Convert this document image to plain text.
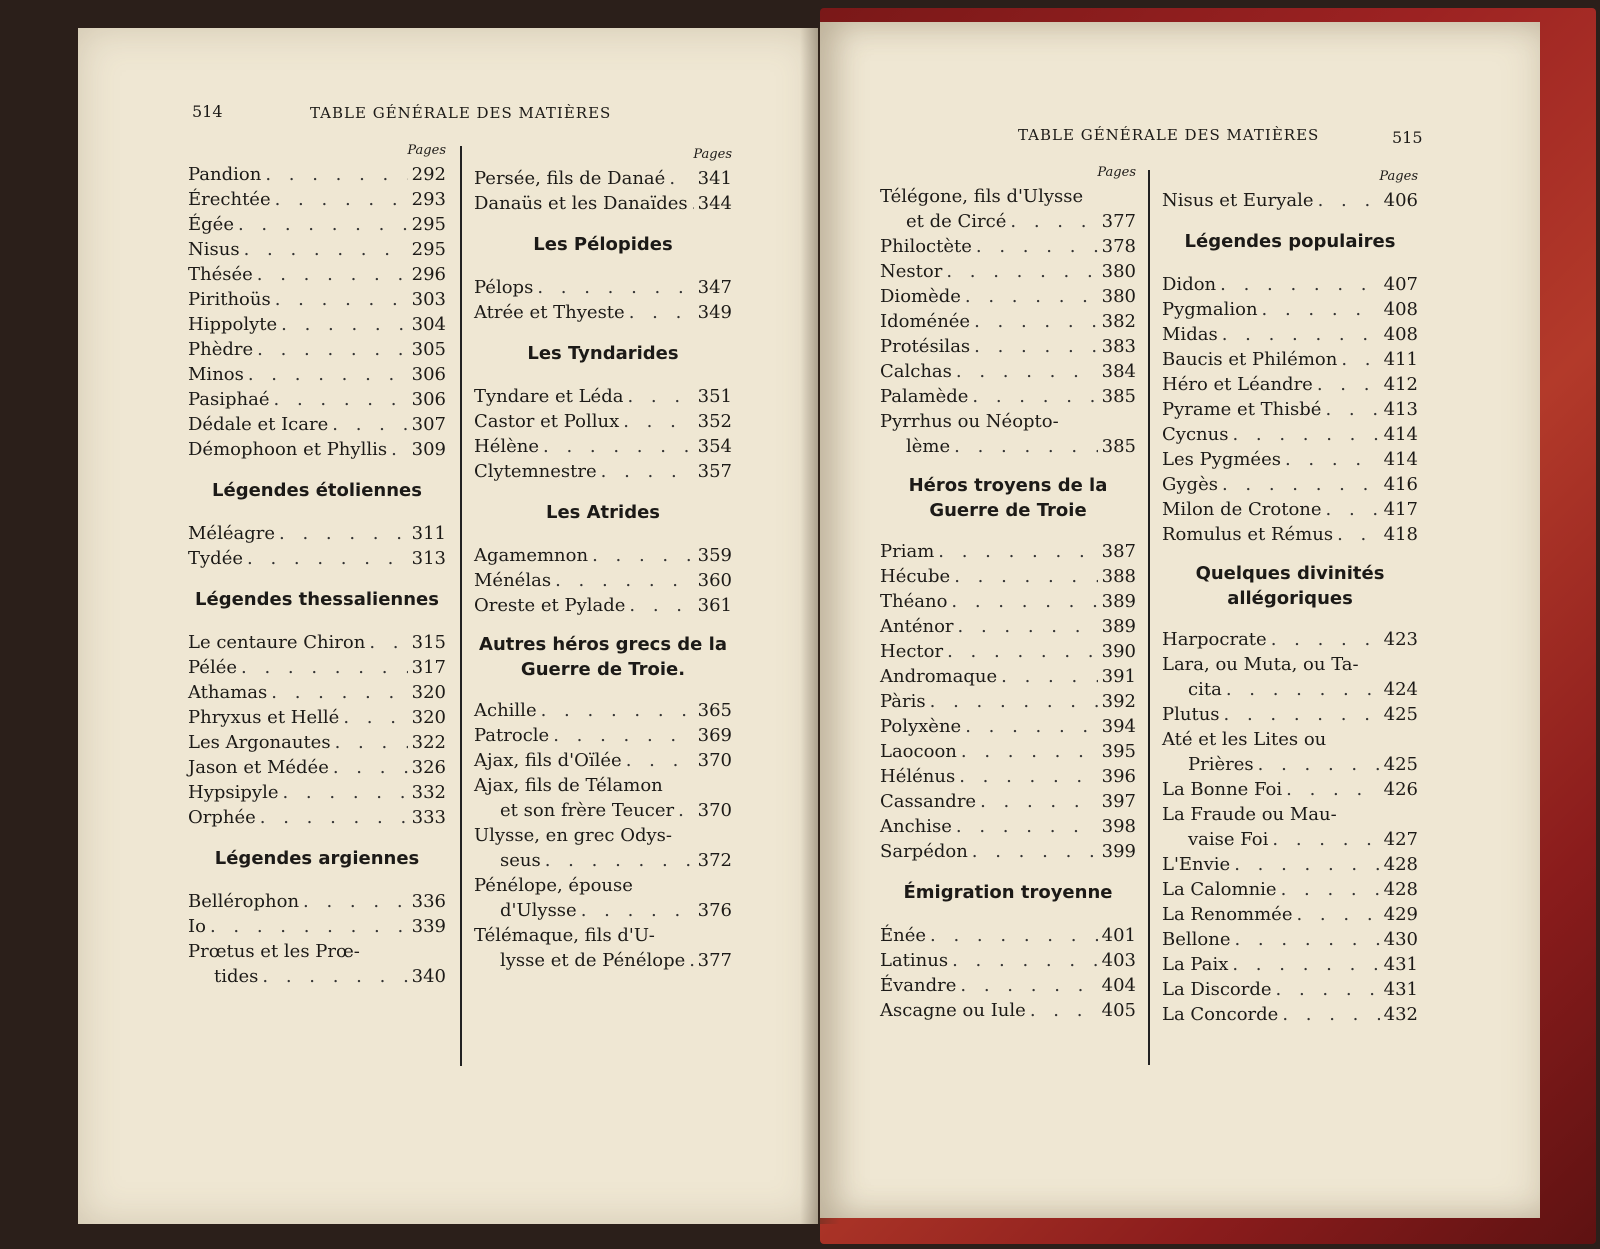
514	TABLE GÉNÉRALE DES MATIÈRES
Pages
Pandion . . .	292
Érechtée . . .	293
Égée . . .	295
Nisus . . .	295
Thésée . . .	296
Pirithoüs . . .	303
Hippolyte . . .	304
Phèdre . . .	305
Minos . . .	306
Pasiphaé . . .	306
Dédale et Icare . . .	307
Démophoon et Phyllis . . . 309
Légendes étoliennes
Méléagre . . .	311
Tydée . . .	313
Légendes thessaliennes
Le centaure Chiron . . .	315
Pélée . . .	317
Athamas . . .	320
Phryxus et Hellé . . .	320
Les Argonautes . . .	322
Jason et Médée . . .	326
Hypsipyle . . .	332
Orphée . . .	333
Légendes argiennes
Bellérophon . . .	336
Io . . .	339
Prœtus et les Prœ-
tides . . .	340
Pages
Persée, fils de Danaé . . . 341
Danaüs et les Danaïdes . . . 344
Les Pélopides
Pélops . . .	347
Atrée et Thyeste . . .	349
Les Tyndarides
Tyndare et Léda . . .	351
Castor et Pollux . . .	352
Hélène . . .	354
Clytemnestre . . .	357
Les Atrides
Agamemnon . . .	359
Ménélas . . .	360
Oreste et Pylade . . .	361
Autres héros grecs de la Guerre de Troie.
Achille . . .	365
Patrocle . . .	369
Ajax, fils d'Oïlée . . .	370
Ajax, fils de Télamon
et son frère Teucer . . . 370
Ulysse, en grec Odys-
seus . . .	372
Pénélope, épouse
d'Ulysse . . .	376
Télémaque, fils d'U-
lysse et de Pénélope . . . 377
TABLE GÉNÉRALE DES MATIÈRES	515
Pages
Télégone, fils d'Ulysse
et de Circé . . .	377
Philoctète . . .	378
Nestor . . .	380
Diomède . . .	380
Idoménée . . .	382
Protésilas . . .	383
Calchas . . .	384
Palamède . . .	385
Pyrrhus ou Néopto-
lème . . .	385
Héros troyens de la Guerre de Troie
Priam . . .	387
Hécube . . .	388
Théano . . .	389
Anténor . . .	389
Hector . . .	390
Andromaque . . .	391
Pàris . . .	392
Polyxène . . .	394
Laocoon . . .	395
Hélénus . . .	396
Cassandre . . .	397
Anchise . . .	398
Sarpédon . . .	399
Émigration troyenne
Énée . . .	401
Latinus . . .	403
Évandre . . .	404
Ascagne ou Iule . . .	405
Pages
Nisus et Euryale . . .	406
Légendes populaires
Didon . . .	407
Pygmalion . . .	408
Midas . . .	408
Baucis et Philémon . . .	411
Héro et Léandre . . .	412
Pyrame et Thisbé . . .	413
Cycnus . . .	414
Les Pygmées . . .	414
Gygès . . .	416
Milon de Crotone . . .	417
Romulus et Rémus . . .	418
Quelques divinités allégoriques
Harpocrate . . .	423
Lara, ou Muta, ou Ta-
cita . . .	424
Plutus . . .	425
Até et les Lites ou
Prières . . .	425
La Bonne Foi . . .	426
La Fraude ou Mau-
vaise Foi . . .	427
L'Envie . . .	428
La Calomnie . . .	428
La Renommée . . .	429
Bellone . . .	430
La Paix . . .	431
La Discorde . . .	431
La Concorde . . .	432
